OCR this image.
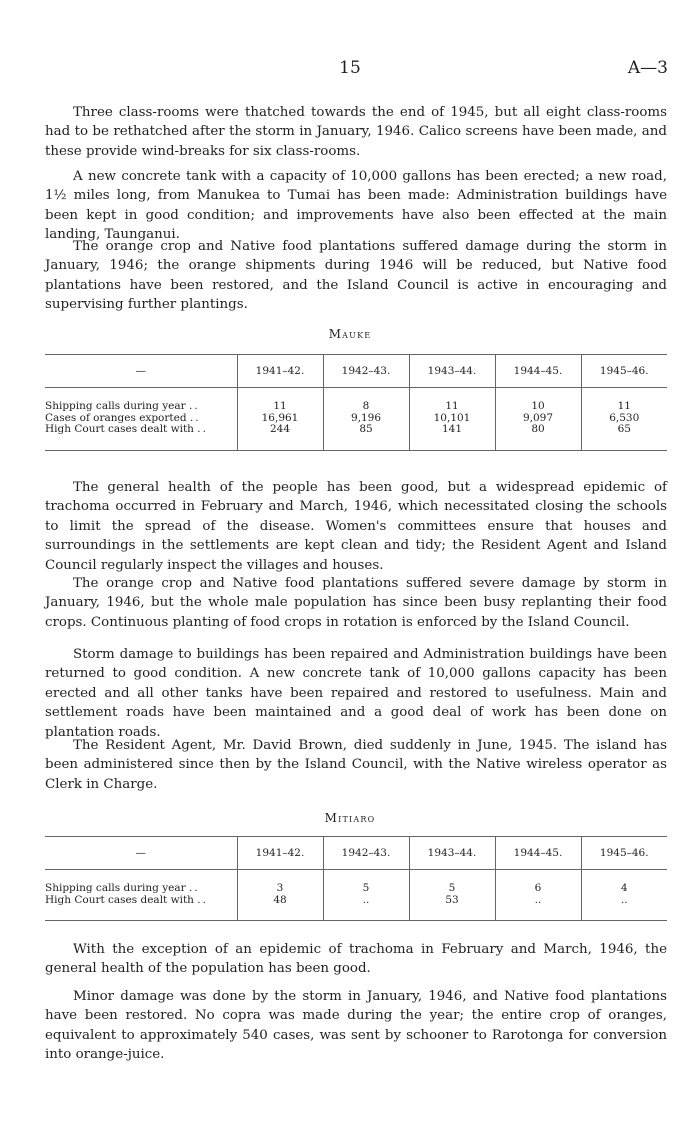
15	A—3

Three class-rooms were thatched towards the end of 1945, but all eight class-rooms had to be rethatched after the storm in January, 1946. Calico screens have been made, and these provide wind-breaks for six class-rooms.

A new concrete tank with a capacity of 10,000 gallons has been erected; a new road, 1½ miles long, from Manukea to Tumai has been made: Administration buildings have been kept in good condition; and improvements have also been effected at the main landing, Taunganui.

The orange crop and Native food plantations suffered damage during the storm in January, 1946; the orange shipments during 1946 will be reduced, but Native food plantations have been restored, and the Island Council is active in encouraging and supervising further plantings.

Mauke
—	1941–42.	1942–43.	1943–44.	1944–45.	1945–46.

Shipping calls during year ..	11	8	11	10	11
Cases of oranges exported ..	16,961	9,196	10,101	9,097	6,530
High Court cases dealt with ..	244	85	141	80	65

The general health of the people has been good, but a widespread epidemic of trachoma occurred in February and March, 1946, which necessitated closing the schools to limit the spread of the disease. Women's committees ensure that houses and surroundings in the settlements are kept clean and tidy; the Resident Agent and Island Council regularly inspect the villages and houses.

The orange crop and Native food plantations suffered severe damage by storm in January, 1946, but the whole male population has since been busy replanting their food crops. Continuous planting of food crops in rotation is enforced by the Island Council.

Storm damage to buildings has been repaired and Administration buildings have been returned to good condition. A new concrete tank of 10,000 gallons capacity has been erected and all other tanks have been repaired and restored to usefulness. Main and settlement roads have been maintained and a good deal of work has been done on plantation roads.

The Resident Agent, Mr. David Brown, died suddenly in June, 1945. The island has been administered since then by the Island Council, with the Native wireless operator as Clerk in Charge.

Mitiaro
—	1941–42.	1942–43.	1943–44.	1944–45.	1945–46.

Shipping calls during year ..	3	5	5	6	4
High Court cases dealt with ..	48	..	53	..	..

With the exception of an epidemic of trachoma in February and March, 1946, the general health of the population has been good.

Minor damage was done by the storm in January, 1946, and Native food plantations have been restored. No copra was made during the year; the entire crop of oranges, equivalent to approximately 540 cases, was sent by schooner to Rarotonga for conversion into orange-juice.
